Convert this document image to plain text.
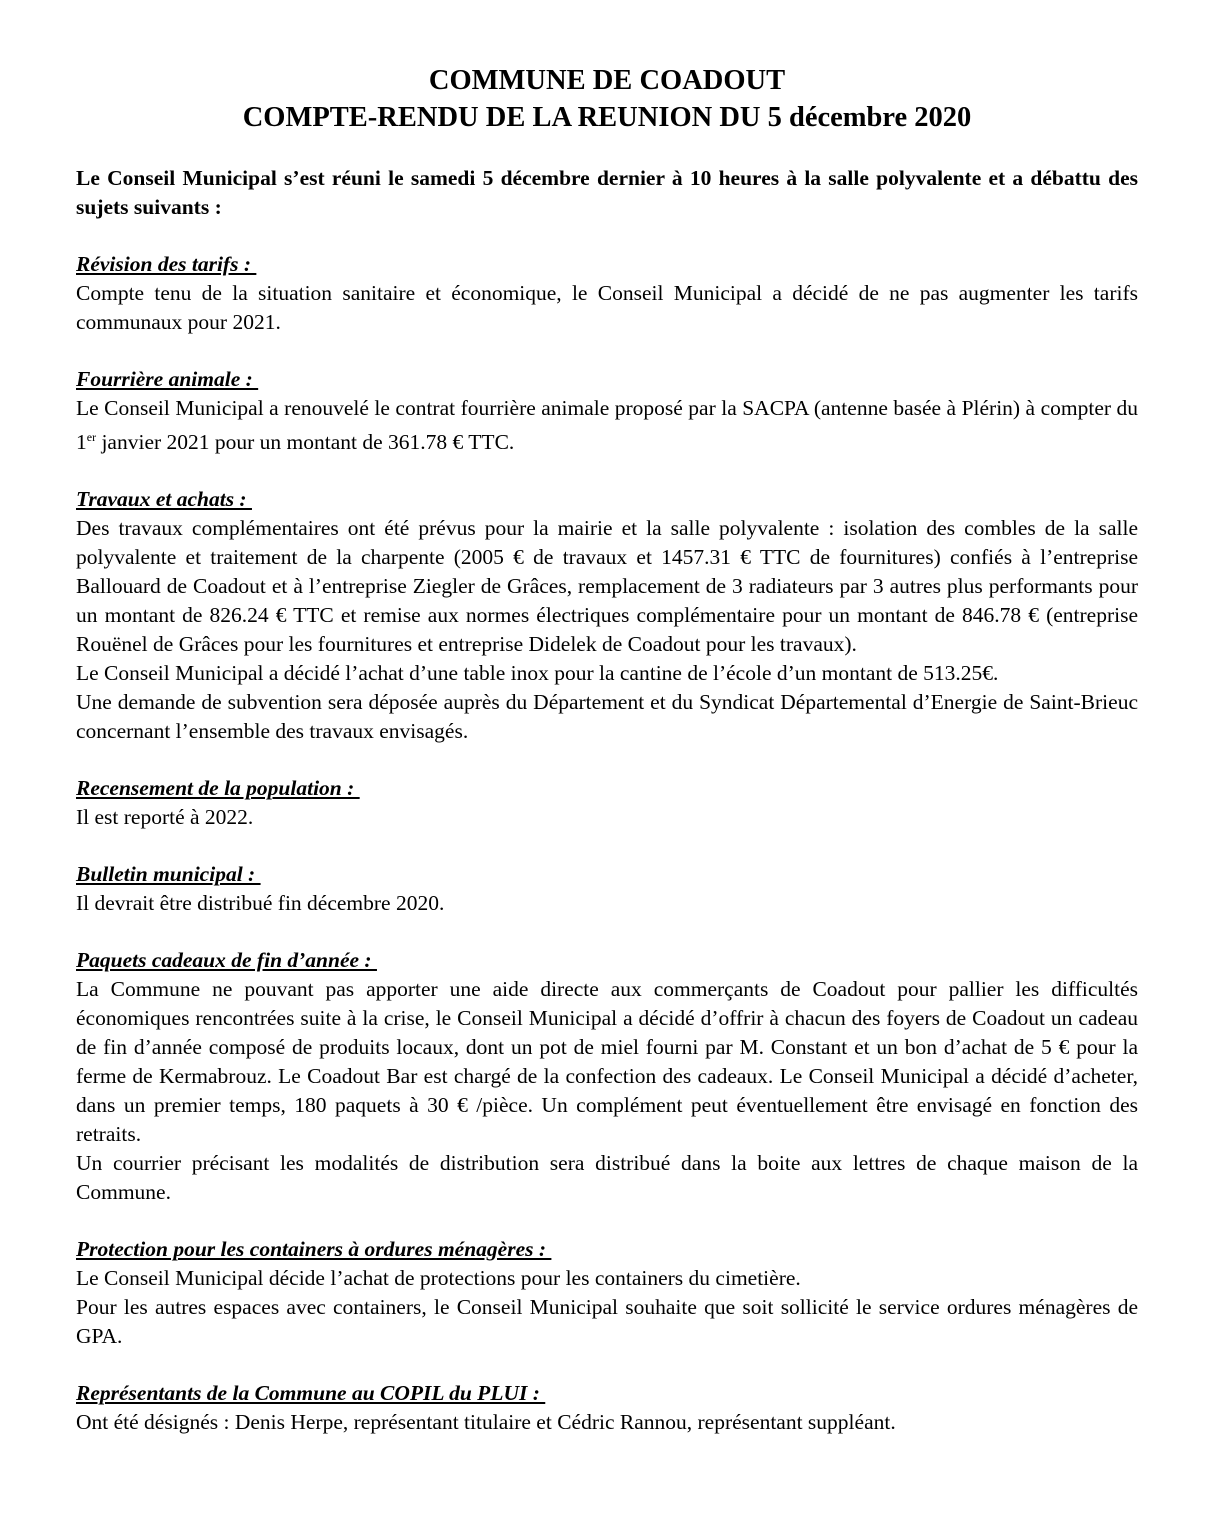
COMMUNE DE COADOUT

COMPTE-RENDU DE LA REUNION DU 5 décembre 2020

Le Conseil Municipal s’est réuni le samedi 5 décembre dernier à 10 heures à la salle polyvalente et a débattu des sujets suivants :

Révision des tarifs :

Compte tenu de la situation sanitaire et économique, le Conseil Municipal a décidé de ne pas augmenter les tarifs communaux pour 2021.

Fourrière animale :

Le Conseil Municipal a renouvelé le contrat fourrière animale proposé par la SACPA (antenne basée à Plérin) à compter du 1er janvier 2021 pour un montant de 361.78 € TTC.

Travaux et achats :

Des travaux complémentaires ont été prévus pour la mairie et la salle polyvalente : isolation des combles de la salle polyvalente et traitement de la charpente (2005 € de travaux et 1457.31 € TTC de fournitures) confiés à l’entreprise Ballouard de Coadout et à l’entreprise Ziegler de Grâces, remplacement de 3 radiateurs par 3 autres plus performants pour un montant de 826.24 € TTC et remise aux normes électriques complémentaire pour un montant de 846.78 € (entreprise Rouënel de Grâces pour les fournitures et entreprise Didelek de Coadout pour les travaux).

Le Conseil Municipal a décidé l’achat d’une table inox pour la cantine de l’école d’un montant de 513.25€.

Une demande de subvention sera déposée auprès du Département et du Syndicat Départemental d’Energie de Saint-Brieuc concernant l’ensemble des travaux envisagés.

Recensement de la population :

Il est reporté à 2022.

Bulletin municipal :

Il devrait être distribué fin décembre 2020.

Paquets cadeaux de fin d’année :

La Commune ne pouvant pas apporter une aide directe aux commerçants de Coadout pour pallier les difficultés économiques rencontrées suite à la crise, le Conseil Municipal a décidé d’offrir à chacun des foyers de Coadout un cadeau de fin d’année composé de produits locaux, dont un pot de miel fourni par M. Constant et un bon d’achat de 5 € pour la ferme de Kermabrouz. Le Coadout Bar est chargé de la confection des cadeaux. Le Conseil Municipal a décidé d’acheter, dans un premier temps, 180 paquets à 30 € /pièce. Un complément peut éventuellement être envisagé en fonction des retraits.

Un courrier précisant les modalités de distribution sera distribué dans la boite aux lettres de chaque maison de la Commune.

Protection pour les containers à ordures ménagères :

Le Conseil Municipal décide l’achat de protections pour les containers du cimetière.

Pour les autres espaces avec containers, le Conseil Municipal souhaite que soit sollicité le service ordures ménagères de GPA.

Représentants de la Commune au COPIL du PLUI :

Ont été désignés : Denis Herpe, représentant titulaire et Cédric Rannou, représentant suppléant.
